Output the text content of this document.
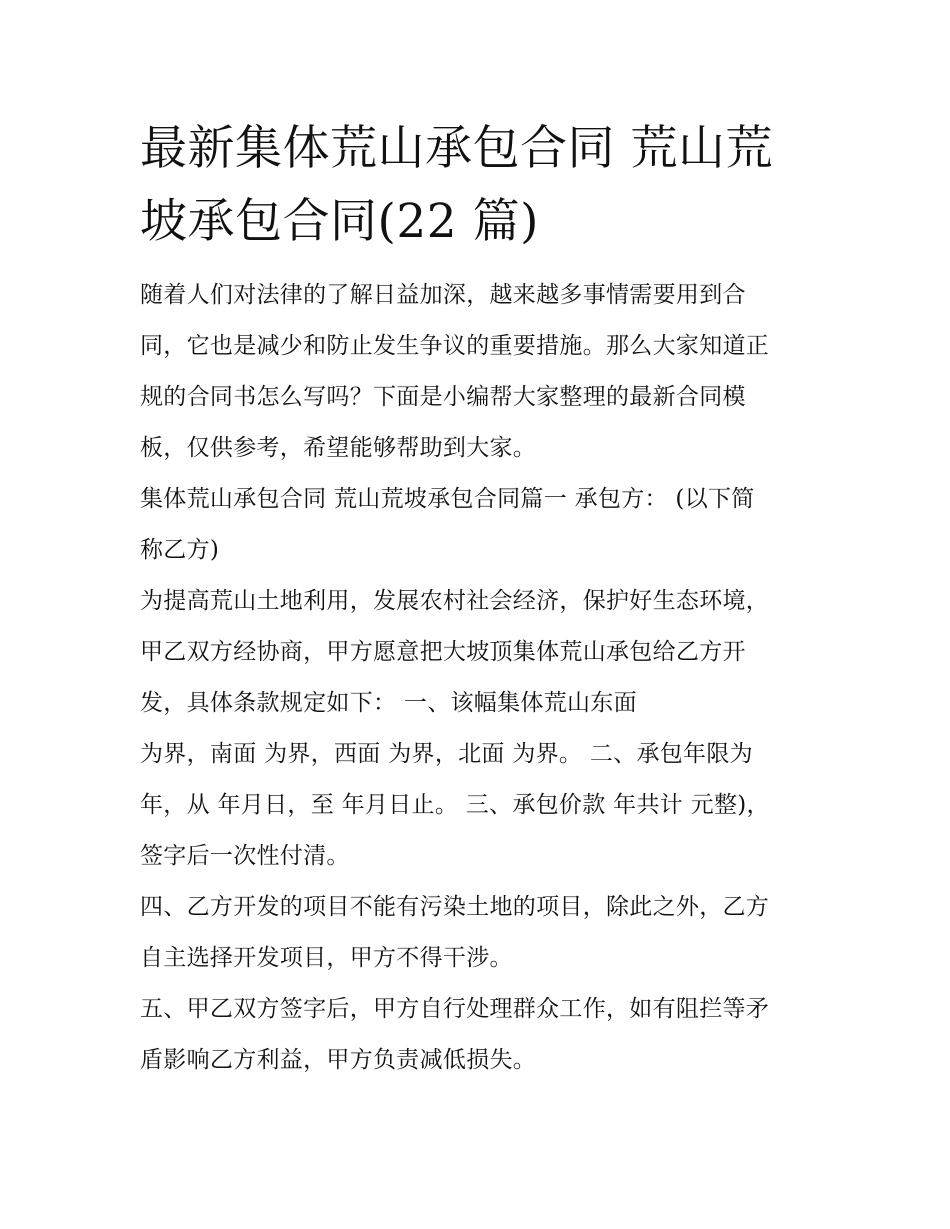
最新集体荒山承包合同 荒山荒
坡承包合同(22 篇)

随着人们对法律的了解日益加深，越来越多事情需要用到合
同，它也是减少和防止发生争议的重要措施。那么大家知道正
规的合同书怎么写吗？下面是小编帮大家整理的最新合同模
板，仅供参考，希望能够帮助到大家。

集体荒山承包合同 荒山荒坡承包合同篇一 承包方： (以下简
称乙方)

为提高荒山土地利用，发展农村社会经济，保护好生态环境，
甲乙双方经协商，甲方愿意把大坡顶集体荒山承包给乙方开
发，具体条款规定如下： 一、该幅集体荒山东面

为界，南面 为界，西面 为界，北面 为界。 二、承包年限为
年，从 年月日，至 年月日止。 三、承包价款 年共计 元整)，
签字后一次性付清。

四、乙方开发的项目不能有污染土地的项目，除此之外，乙方
自主选择开发项目，甲方不得干涉。

五、甲乙双方签字后，甲方自行处理群众工作，如有阻拦等矛
盾影响乙方利益，甲方负责减低损失。
